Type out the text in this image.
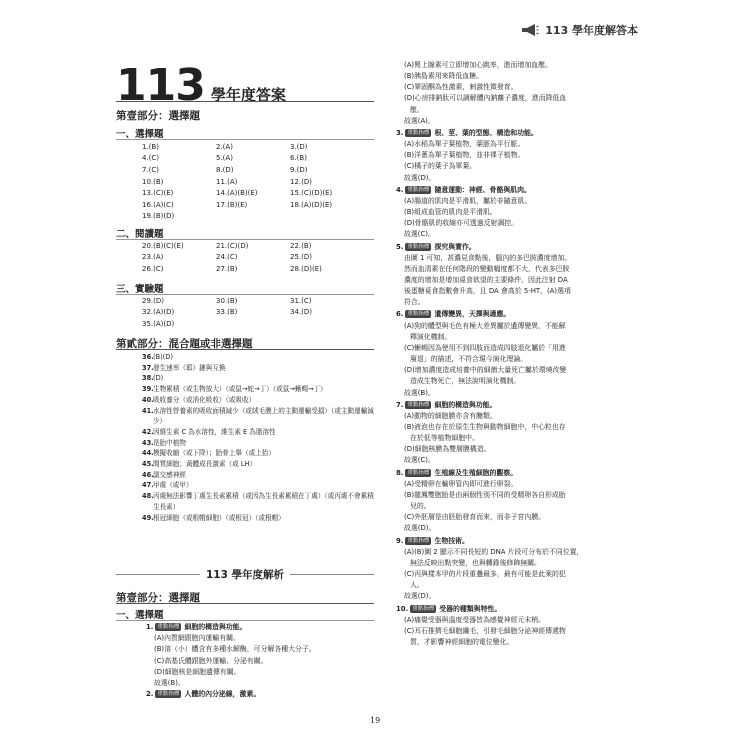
113 學年度解答本
113 學年度答案
第壹部分：選擇題
一、選擇題
1.(B)	2.(A)	3.(D)
4.(C)	5.(A)	6.(B)
7.(C)	8.(D)	9.(D)
10.(B)	11.(A)	12.(D)
13.(C)(E)	14.(A)(B)(E)	15.(C)(D)(E)
16.(A)(C)	17.(B)(E)	18.(A)(D)(E)
19.(B)(D)
二、閱讀題
20.(B)(C)(E)	21.(C)(D)	22.(B)
23.(A)	24.(C)	25.(D)
26.(C)	27.(B)	28.(D)(E)
三、實驗題
29.(D)	30.(B)	31.(C)
32.(A)(D)	33.(B)	34.(D)
35.(A)(D)
第貳部分：混合題或非選擇題
36. (B)(D)
37. 發生速率（耶）鏈與互換
38. (D)
39. 生物累積（或生物放大）（或鼠→蛇→丁）（或鼠→蜥蜴→丁）
40. 吸收養分（或消化吸收）（或吸收）
41. 水溶性營養素的吸收面積減少（或絨毛膜上的主動運輸受損）（或主動運輸減少）
42. 因維生素 C 為水溶性，維生素 E 為脂溶性
43. 是胎中植物
44. 模擬收縮（或下降）；胎骨上舉（或上抬）
45. 間質細胞；黃體成長激素（或 LH）
46. 副交感神經
47. 甲處（或甲）
48. 丙處無法影響丁處生長素累積（或因為生長素累積在丁處）（或丙處不會累積生長素）
49. 根冠細胞（或根帽細胞）（或根冠）（或根帽）
113 學年度解析
第壹部分：選擇題
一、選擇題
1. 重點指標 細胞的構造與功能。
(A)內質網跟胞內運輸有關。
(B)溶（小）體含有多種水解酶，可分解各種大分子。
(C)高基氏體跟胞外運輸、分泌有關。
(D)細胞核是細胞遺傳有關。
故選(B)。
2. 重點指標 人體的內分泌線，激素。
(A)腎上腺素可立即增加心跳率，進而增加血壓。
(B)胰島素用來降低血糖。
(C)睪固酮為性激素，刺激性徵發育。
(D)心房排鈉肽可以調解體內鈉離子濃度，進而降低血
壓。
故選(A)。
3. 重點指標 根、莖、葉的型態、構造和功能。
(A)水稻為單子葉植物，葉脈為平行脈。
(B)洋蔥為單子葉植物，並非裸子植物。
(C)橘子的葉子為單葉。
故選(D)。
4. 重點指標 隨意運動：神經、骨骼與肌肉。
(A)腸道的肌肉是平滑肌，屬於非隨意肌。
(B)組成血管的肌肉是平滑肌。
(D)骨骼肌的收縮亦可透過反射調控。
故選(C)。
5. 重點指標 探究與實作。
由圖 1 可知，甚濃見食點後，腦內的多巴胺濃度增加。
然而血清素在任何階段的變動幅度都不大，代表多巴胺
濃度的增加是增加覓食欲望的主要條件，因此注射 DA
後蛋糖覓食指數會升高，且 DA 會高於 5-HT，(A)選項
符合。
6. 重點指標 遺傳變異，天擇與適應。
(A)狗的體型與毛色有極大差異屬於遺傳變異，不能解
釋演化機制。
(C)蜥蜴因為使用不到四肢而造成四肢退化屬於「用進
廢退」的描述，不符合現今演化理論。
(D)增加濃度造成培養中的細菌大量死亡屬於環境改變
造成生物死亡，無法說明演化機制。
故選(B)。
7. 重點指標 細胞的構造與功能。
(A)動物的細胞膜亦含有醣類。
(B)液泡也存在於原生生物與動物細胞中，中心粒也存
在於低等植物細胞中。
(D)細胞核膜為雙層膜構造。
故選(C)。
8. 重點指標 生殖線及生殖細胞的觀察。
(A)受精卵在輸卵管內即可進行卵裂。
(B)龍鳳雙胞胎是由兩個性別不同的受精卵各自形成胎
兒的。
(C)外胚層是由胚胎發育而來，而非子宮內膜。
故選(D)。
9. 重點指標 生物技術。
(A)(B)圖 2 顯示不同長短的 DNA 片段可分布於不同位置，
無法反映出點突變，也與轉錄後修飾無關。
(C)丙與樣本甲的片段重疊最多，最有可能是此案的犯
人。
故選(D)。
10. 重點指標 受器的種類與特性。
(A)痛覺受器與溫度受器皆為感覺神經元末梢。
(C)耳石推擠毛細胞纖毛，引發毛細胞分泌神經傳遞物
質，才影響神經細胞的電位變化。
19
